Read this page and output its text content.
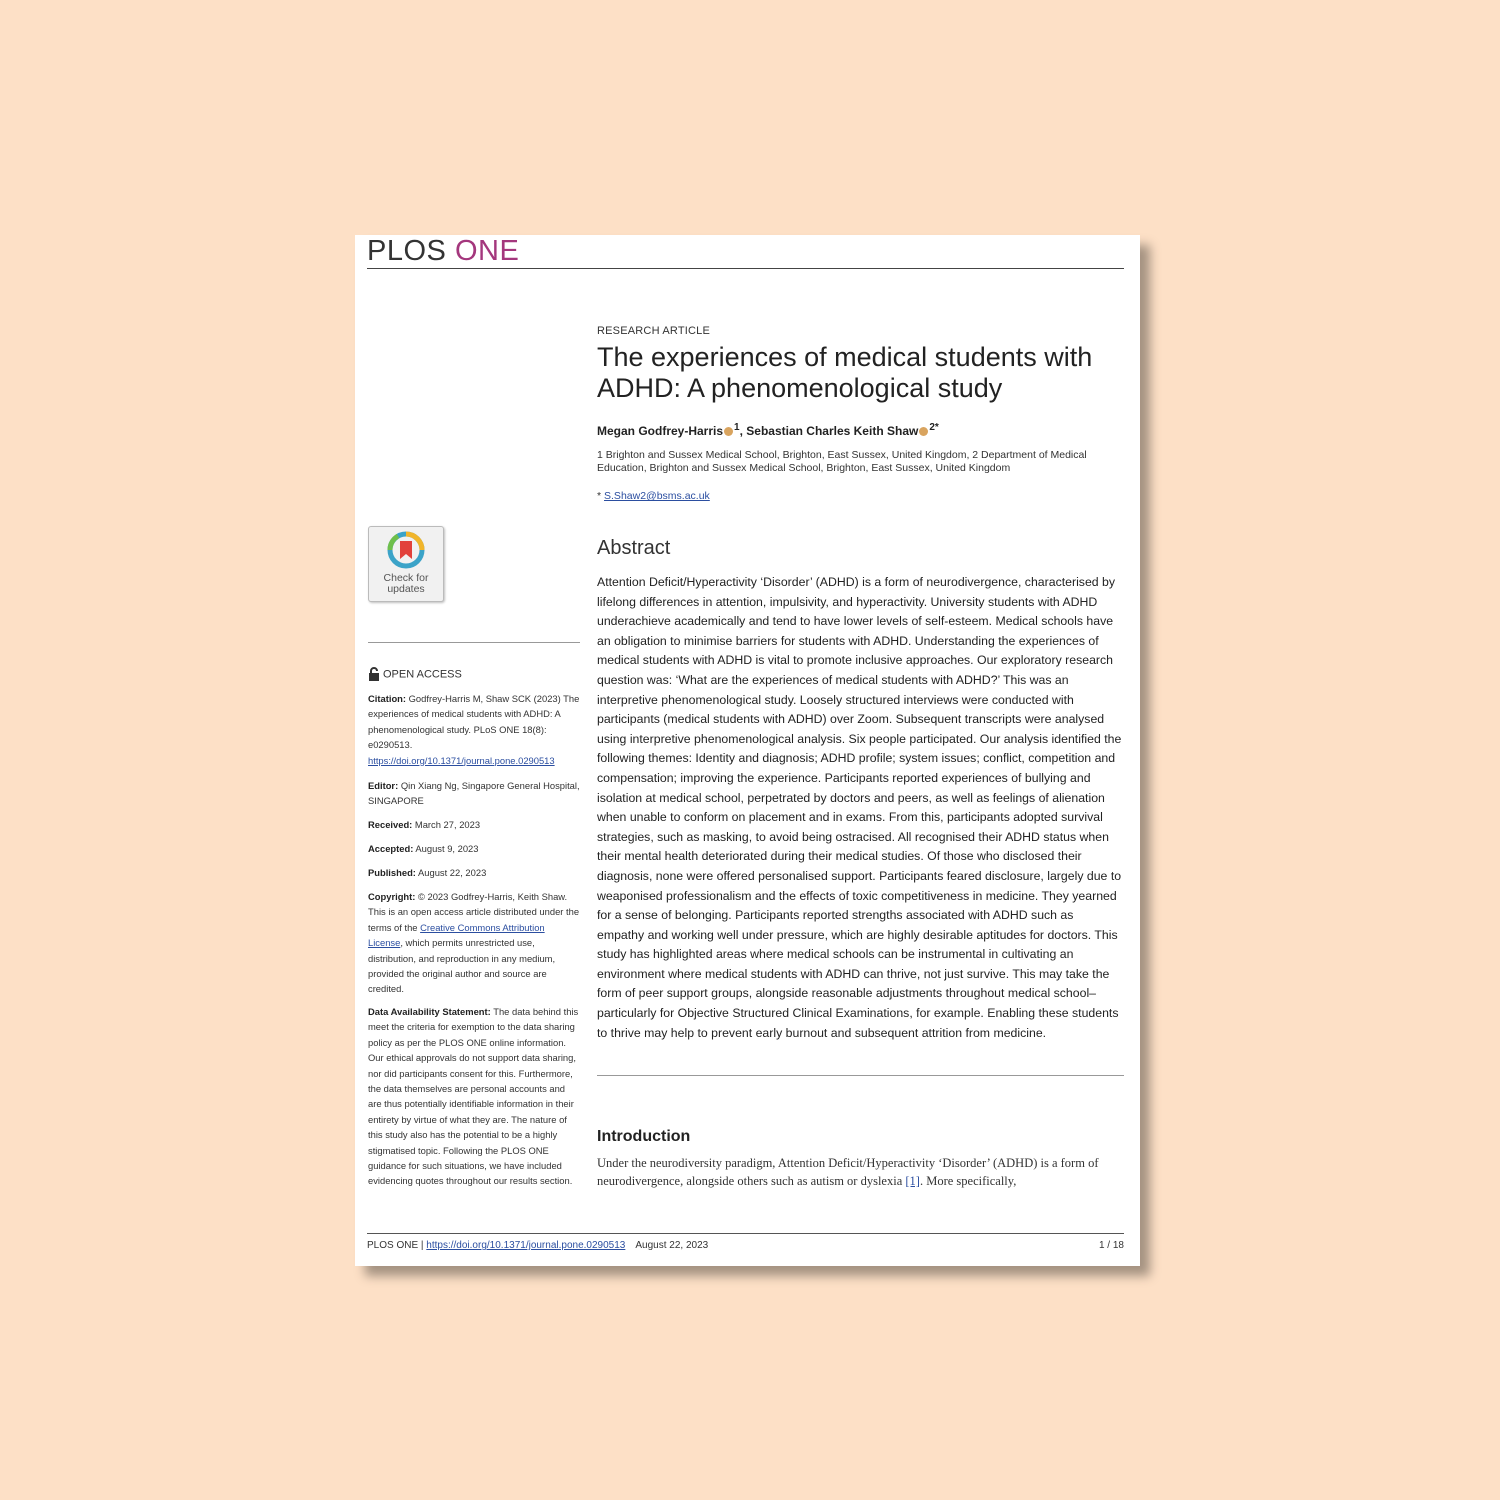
PLOS ONE
RESEARCH ARTICLE
The experiences of medical students with ADHD: A phenomenological study
Megan Godfrey-Harris $^1$, Sebastian Charles Keith Shaw $^{2*}$
1 Brighton and Sussex Medical School, Brighton, East Sussex, United Kingdom, 2 Department of Medical Education, Brighton and Sussex Medical School, Brighton, East Sussex, United Kingdom
* S.Shaw2@bsms.ac.uk
Check for updates
OPEN ACCESS
Citation: Godfrey-Harris M, Shaw SCK (2023) The experiences of medical students with ADHD: A phenomenological study. PLoS ONE 18(8): e0290513. https://doi.org/10.1371/journal.pone.0290513
Editor: Qin Xiang Ng, Singapore General Hospital, SINGAPORE
Received: March 27, 2023
Accepted: August 9, 2023
Published: August 22, 2023
Copyright: © 2023 Godfrey-Harris, Keith Shaw. This is an open access article distributed under the terms of the Creative Commons Attribution License, which permits unrestricted use, distribution, and reproduction in any medium, provided the original author and source are credited.
Data Availability Statement: The data behind this meet the criteria for exemption to the data sharing policy as per the PLOS ONE online information. Our ethical approvals do not support data sharing, nor did participants consent for this. Furthermore, the data themselves are personal accounts and are thus potentially identifiable information in their entirety by virtue of what they are. The nature of this study also has the potential to be a highly stigmatised topic. Following the PLOS ONE guidance for such situations, we have included evidencing quotes throughout our results section.
Abstract
Attention Deficit/Hyperactivity ‘Disorder’ (ADHD) is a form of neurodivergence, characterised by lifelong differences in attention, impulsivity, and hyperactivity. University students with ADHD underachieve academically and tend to have lower levels of self-esteem. Medical schools have an obligation to minimise barriers for students with ADHD. Understanding the experiences of medical students with ADHD is vital to promote inclusive approaches. Our exploratory research question was: ‘What are the experiences of medical students with ADHD?’ This was an interpretive phenomenological study. Loosely structured interviews were conducted with participants (medical students with ADHD) over Zoom. Subsequent transcripts were analysed using interpretive phenomenological analysis. Six people participated. Our analysis identified the following themes: Identity and diagnosis; ADHD profile; system issues; conflict, competition and compensation; improving the experience. Participants reported experiences of bullying and isolation at medical school, perpetrated by doctors and peers, as well as feelings of alienation when unable to conform on placement and in exams. From this, participants adopted survival strategies, such as masking, to avoid being ostracised. All recognised their ADHD status when their mental health deteriorated during their medical studies. Of those who disclosed their diagnosis, none were offered personalised support. Participants feared disclosure, largely due to weaponised professionalism and the effects of toxic competitiveness in medicine. They yearned for a sense of belonging. Participants reported strengths associated with ADHD such as empathy and working well under pressure, which are highly desirable aptitudes for doctors. This study has highlighted areas where medical schools can be instrumental in cultivating an environment where medical students with ADHD can thrive, not just survive. This may take the form of peer support groups, alongside reasonable adjustments throughout medical school–particularly for Objective Structured Clinical Examinations, for example. Enabling these students to thrive may help to prevent early burnout and subsequent attrition from medicine.
Introduction
Under the neurodiversity paradigm, Attention Deficit/Hyperactivity ‘Disorder’ (ADHD) is a form of neurodivergence, alongside others such as autism or dyslexia [1]. More specifically,
PLOS ONE | https://doi.org/10.1371/journal.pone.0290513 August 22, 2023	1 / 18
